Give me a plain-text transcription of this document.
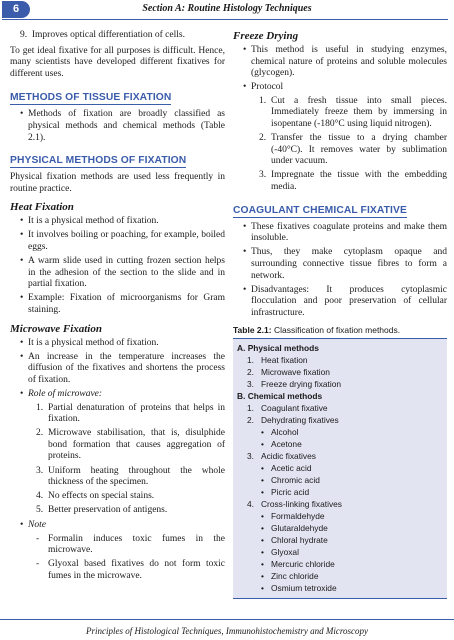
6	Section A: Routine Histology Techniques

9. Improves optical differentiation of cells.

To get ideal fixative for all purposes is difficult. Hence, many scientists have developed different fixatives for different uses.

METHODS OF TISSUE FIXATION
• Methods of fixation are broadly classified as physical methods and chemical methods (Table 2.1).
PHYSICAL METHODS OF FIXATION

Physical fixation methods are used less frequently in routine practice.

Heat Fixation
• It is a physical method of fixation.
• It involves boiling or poaching, for example, boiled eggs.
• A warm slide used in cutting frozen section helps in the adhesion of the section to the slide and in partial fixation.
• Example: Fixation of microorganisms for Gram staining.
Microwave Fixation
• It is a physical method of fixation.
• An increase in the temperature increases the diffusion of the fixatives and shortens the process of fixation.
• Role of microwave:
1. Partial denaturation of proteins that helps in fixation.
2. Microwave stabilisation, that is, disulphide bond formation that causes aggregation of proteins.
3. Uniform heating throughout the whole thickness of the specimen.
4. No effects on special stains.
5. Better preservation of antigens.
• Note
- Formalin induces toxic fumes in the microwave.
- Glyoxal based fixatives do not form toxic fumes in the microwave.
Freeze Drying
• This method is useful in studying enzymes, chemical nature of proteins and soluble molecules (glycogen).
• Protocol
1. Cut a fresh tissue into small pieces. Immediately freeze them by immersing in isopentane (-180°C using liquid nitrogen).
2. Transfer the tissue to a drying chamber (-40°C). It removes water by sublimation under vacuum.
3. Impregnate the tissue with the embedding media.
COAGULANT CHEMICAL FIXATIVE
• These fixatives coagulate proteins and make them insoluble.
• Thus, they make cytoplasm opaque and surrounding connective tissue fibres to form a network.
• Disadvantages: It produces cytoplasmic flocculation and poor preservation of cellular infrastructure.
Table 2.1: Classification of fixation methods.
A. Physical methods
1. Heat fixation
2. Microwave fixation
3. Freeze drying fixation
B. Chemical methods
1. Coagulant fixative
2. Dehydrating fixatives
• Alcohol
• Acetone
3. Acidic fixatives
• Acetic acid
• Chromic acid
• Picric acid
4. Cross-linking fixatives
• Formaldehyde
• Glutaraldehyde
• Chloral hydrate
• Glyoxal
• Mercuric chloride
• Zinc chloride
• Osmium tetroxide
Principles of Histological Techniques, Immunohistochemistry and Microscopy
